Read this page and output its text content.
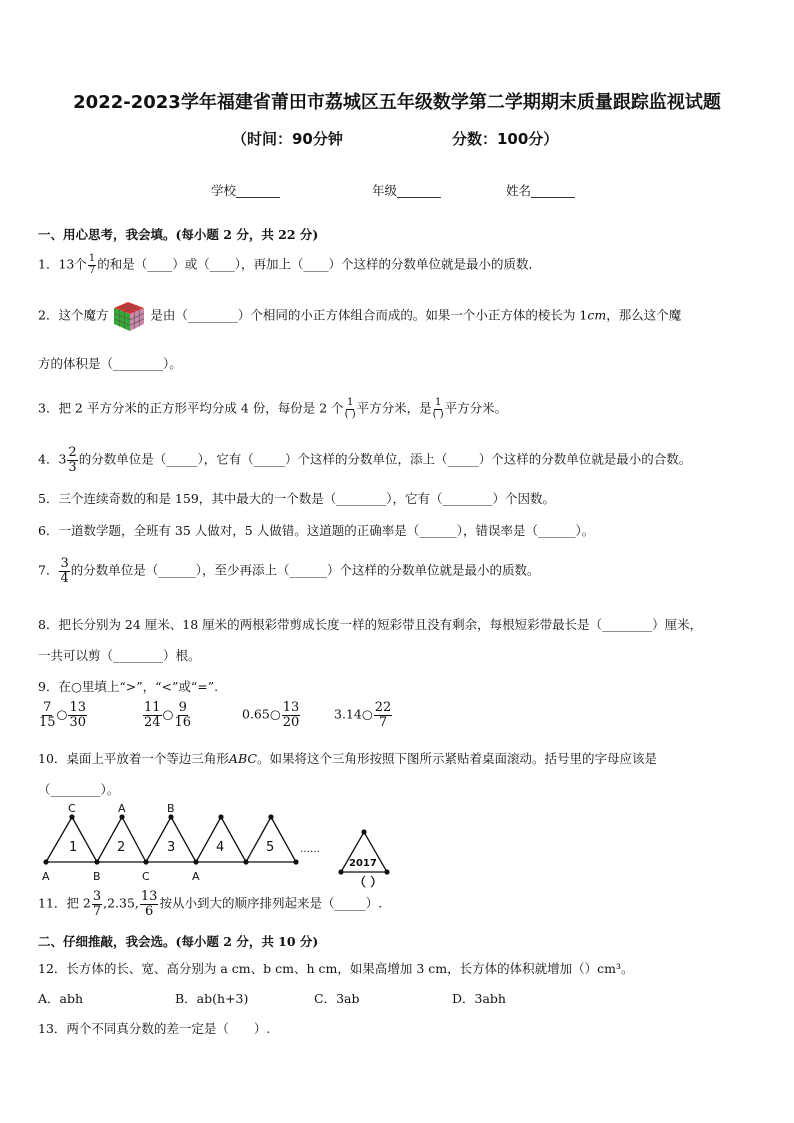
2022-2023学年福建省莆田市荔城区五年级数学第二学期期末质量跟踪监视试题
（时间：90分钟	分数：100分）
学校_______	年级_______	姓名_______
一、用心思考，我会填。(每小题 2 分，共 22 分)
1．13个 $\frac{1}{7}$ 的和是（____）或（____），再加上（____）个这样的分数单位就是最小的质数．
2．这个魔方	是由（________）个相同的小正方体组合而成的。如果一个小正方体的棱长为 1cm，那么这个魔
方的体积是（________）。
3．把 2 平方分米的正方形平均分成 4 份，每份是 2 个 $\frac{1}{( )}$ 平方分米，是 $\frac{1}{( )}$ 平方分米。
4．$3 \frac{2}{3}$ 的分数单位是（_____），它有（_____）个这样的分数单位，添上（_____）个这样的分数单位就是最小的合数。
5．三个连续奇数的和是 159，其中最大的一个数是（________），它有（________）个因数。
6．一道数学题，全班有 35 人做对，5 人做错。这道题的正确率是（______），错误率是（______）。
7． $\frac{3}{4}$ 的分数单位是（______），至少再添上（______）个这样的分数单位就是最小的质数。
8．把长分别为 24 厘米、18 厘米的两根彩带剪成长度一样的短彩带且没有剩余，每根短彩带最长是（________）厘米，
一共可以剪（________）根。
9．在○里填上“>”，“<”或“=”.
$\frac{7}{15}$ ○ $\frac{13}{30}$	$\frac{11}{24}$ ○ $\frac{9}{16}$	0.65○ $\frac{13}{20}$	3.14○ $\frac{22}{7}$
10．桌面上平放着一个等边三角形ABC。如果将这个三角形按照下图所示紧贴着桌面滚动。括号里的字母应该是
（________）。
C	A	B
A	B	C	A
1	2	3	4	5	……
2017
（ ）
11．把 $2 \frac{3}{7} ,2.35$, $\frac{13}{6}$ 按从小到大的顺序排列起来是（_____）.
二、仔细推敲，我会选。(每小题 2 分，共 10 分)
12．长方体的长、宽、高分别为 a cm、b cm、h cm，如果高增加 3 cm，长方体的体积就增加（）cm³。
A．abh	B．ab(h+3)	C．3ab	D．3abh
13．两个不同真分数的差一定是（　　）.
